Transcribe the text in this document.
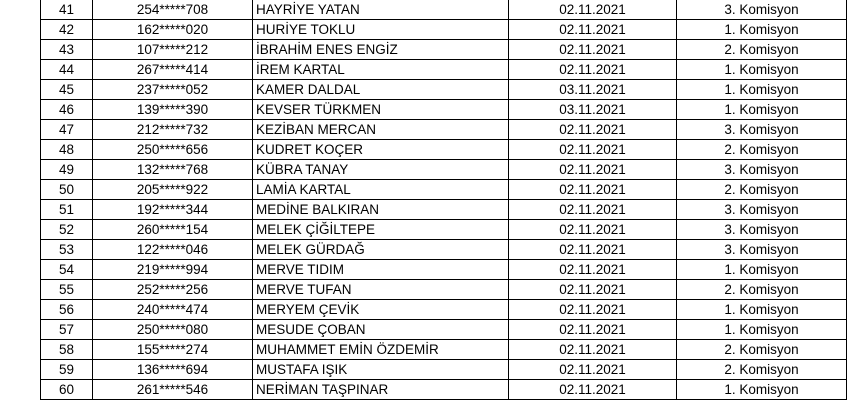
41	254*****708	HAYRİYE YATAN	02.11.2021	3. Komisyon
42	162*****020	HURİYE TOKLU	02.11.2021	1. Komisyon
43	107*****212	İBRAHİM ENES ENGİZ	02.11.2021	2. Komisyon
44	267*****414	İREM KARTAL	02.11.2021	1. Komisyon
45	237*****052	KAMER DALDAL	03.11.2021	1. Komisyon
46	139*****390	KEVSER TÜRKMEN	03.11.2021	1. Komisyon
47	212*****732	KEZİBAN MERCAN	02.11.2021	3. Komisyon
48	250*****656	KUDRET KOÇER	02.11.2021	2. Komisyon
49	132*****768	KÜBRA TANAY	02.11.2021	3. Komisyon
50	205*****922	LAMİA KARTAL	02.11.2021	2. Komisyon
51	192*****344	MEDİNE BALKIRAN	02.11.2021	3. Komisyon
52	260*****154	MELEK ÇİĞİLTEPE	02.11.2021	3. Komisyon
53	122*****046	MELEK GÜRDAĞ	02.11.2021	3. Komisyon
54	219*****994	MERVE TIDIM	02.11.2021	1. Komisyon
55	252*****256	MERVE TUFAN	02.11.2021	2. Komisyon
56	240*****474	MERYEM ÇEVİK	02.11.2021	1. Komisyon
57	250*****080	MESUDE ÇOBAN	02.11.2021	1. Komisyon
58	155*****274	MUHAMMET EMİN ÖZDEMİR	02.11.2021	2. Komisyon
59	136*****694	MUSTAFA IŞIK	02.11.2021	2. Komisyon
60	261*****546	NERİMAN TAŞPINAR	02.11.2021	1. Komisyon
